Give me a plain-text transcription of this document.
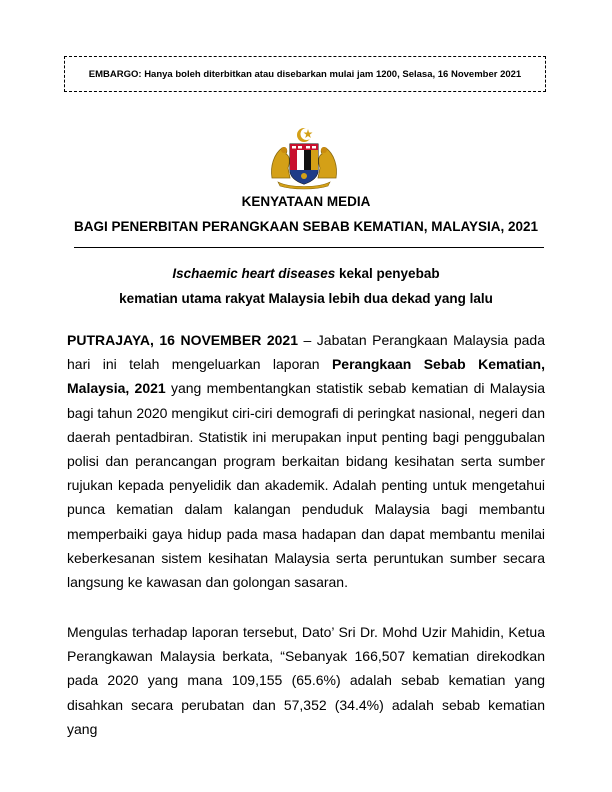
EMBARGO: Hanya boleh diterbitkan atau disebarkan mulai jam 1200, Selasa, 16 November 2021
KENYATAAN MEDIA
BAGI PENERBITAN PERANGKAAN SEBAB KEMATIAN, MALAYSIA, 2021
Ischaemic heart diseases kekal penyebab
kematian utama rakyat Malaysia lebih dua dekad yang lalu
PUTRAJAYA, 16 NOVEMBER 2021 – Jabatan Perangkaan Malaysia pada hari ini telah mengeluarkan laporan Perangkaan Sebab Kematian, Malaysia, 2021 yang membentangkan statistik sebab kematian di Malaysia bagi tahun 2020 mengikut ciri-ciri demografi di peringkat nasional, negeri dan daerah pentadbiran. Statistik ini merupakan input penting bagi penggubalan polisi dan perancangan program berkaitan bidang kesihatan serta sumber rujukan kepada penyelidik dan akademik. Adalah penting untuk mengetahui punca kematian dalam kalangan penduduk Malaysia bagi membantu memperbaiki gaya hidup pada masa hadapan dan dapat membantu menilai keberkesanan sistem kesihatan Malaysia serta peruntukan sumber secara langsung ke kawasan dan golongan sasaran.
Mengulas terhadap laporan tersebut, Dato’ Sri Dr. Mohd Uzir Mahidin, Ketua Perangkawan Malaysia berkata, “Sebanyak 166,507 kematian direkodkan pada 2020 yang mana 109,155 (65.6%) adalah sebab kematian yang disahkan secara perubatan dan 57,352 (34.4%) adalah sebab kematian yang
